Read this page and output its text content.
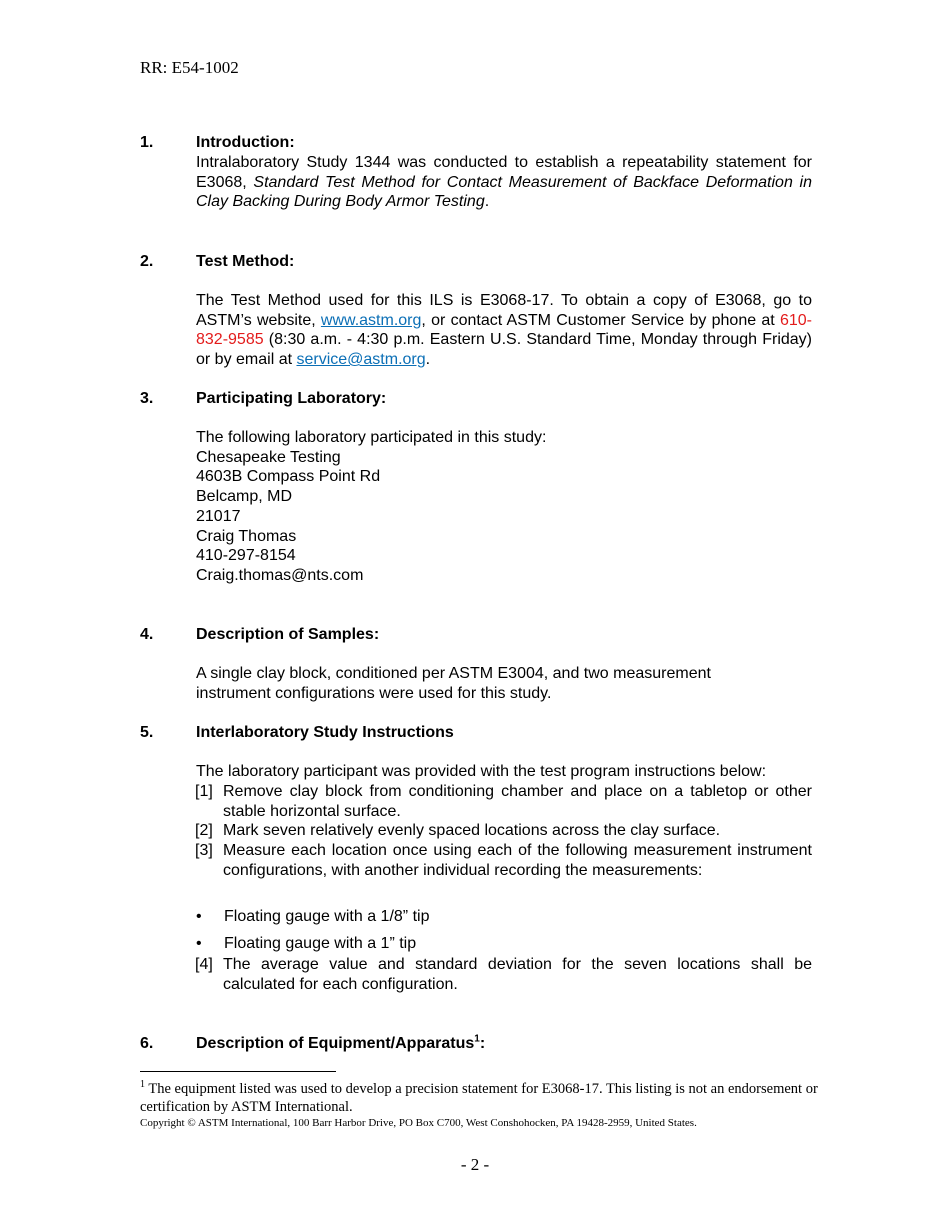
RR: E54-1002
1.	Introduction:
Intralaboratory Study 1344 was conducted to establish a repeatability statement for E3068, Standard Test Method for Contact Measurement of Backface Deformation in Clay Backing During Body Armor Testing.
2.	Test Method:
The Test Method used for this ILS is E3068-17. To obtain a copy of E3068, go to ASTM’s website, www.astm.org, or contact ASTM Customer Service by phone at 610-832-9585 (8:30 a.m. - 4:30 p.m. Eastern U.S. Standard Time, Monday through Friday) or by email at service@astm.org.
3.	Participating Laboratory:
The following laboratory participated in this study:
Chesapeake Testing
4603B Compass Point Rd
Belcamp, MD
21017
Craig Thomas
410-297-8154
Craig.thomas@nts.com
4.	Description of Samples:
A single clay block, conditioned per ASTM E3004, and two measurement
instrument configurations were used for this study.
5.	Interlaboratory Study Instructions
The laboratory participant was provided with the test program instructions below:
[1] Remove clay block from conditioning chamber and place on a tabletop or other stable horizontal surface.
[2] Mark seven relatively evenly spaced locations across the clay surface.
[3] Measure each location once using each of the following measurement instrument configurations, with another individual recording the measurements:
• Floating gauge with a 1/8” tip
• Floating gauge with a 1” tip
[4] The average value and standard deviation for the seven locations shall be calculated for each configuration.
6.	Description of Equipment/Apparatus$^1$:
$^1$ The equipment listed was used to develop a precision statement for E3068-17. This listing is not an endorsement or certification by ASTM International.
Copyright © ASTM International, 100 Barr Harbor Drive, PO Box C700, West Conshohocken, PA 19428-2959, United States.
- 2 -
